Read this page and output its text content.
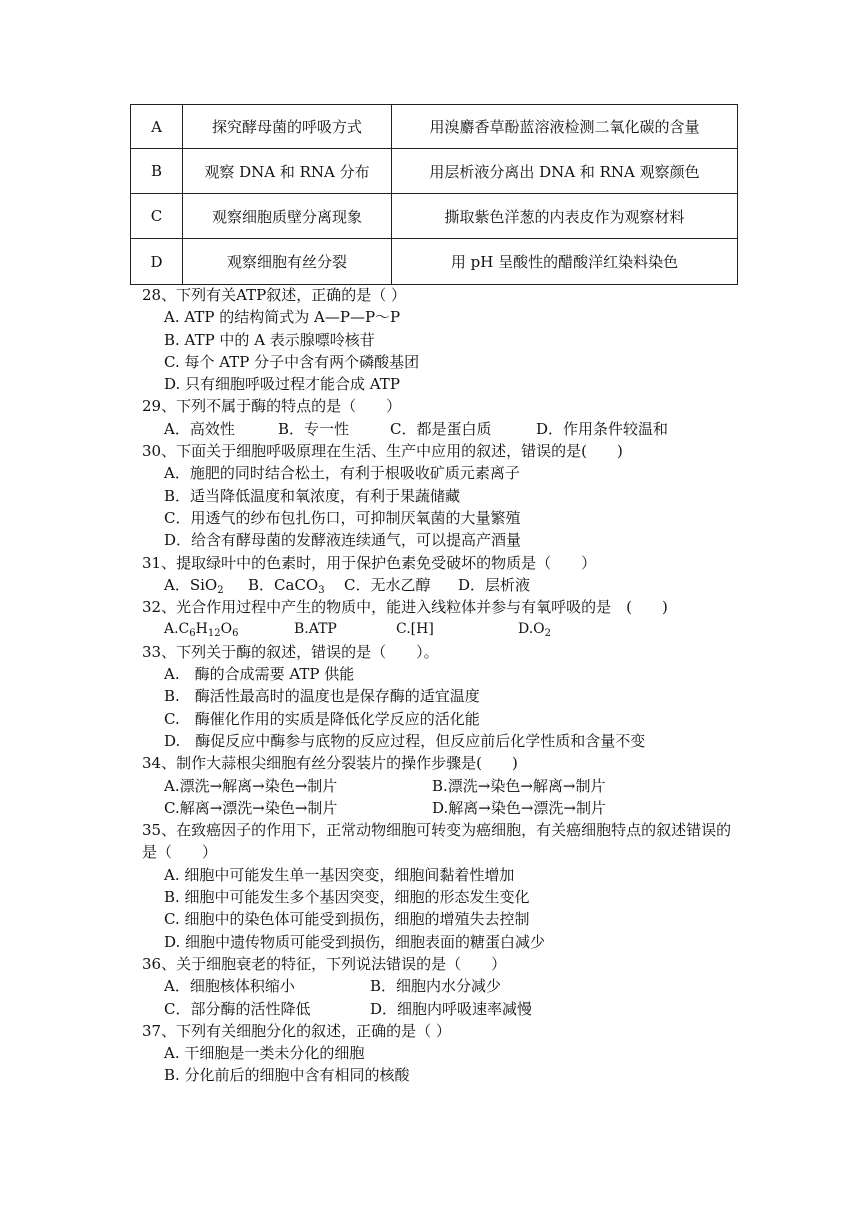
A	探究酵母菌的呼吸方式	用溴麝香草酚蓝溶液检测二氧化碳的含量
B	观察 DNA 和 RNA 分布	用层析液分离出 DNA 和 RNA 观察颜色
C	观察细胞质壁分离现象	撕取紫色洋葱的内表皮作为观察材料
D	观察细胞有丝分裂	用 pH 呈酸性的醋酸洋红染料染色
28、下列有关ATP叙述，正确的是（ ）
A. ATP 的结构简式为 A—P—P～P
B. ATP 中的 A 表示腺嘌呤核苷
C. 每个 ATP 分子中含有两个磷酸基团
D. 只有细胞呼吸过程才能合成 ATP
29、下列不属于酶的特点的是（　　）
A．高效性	B．专一性	C．都是蛋白质	D．作用条件较温和
30、下面关于细胞呼吸原理在生活、生产中应用的叙述，错误的是(　　)
A．施肥的同时结合松土，有利于根吸收矿质元素离子
B．适当降低温度和氧浓度，有利于果蔬储藏
C．用透气的纱布包扎伤口，可抑制厌氧菌的大量繁殖
D．给含有酵母菌的发酵液连续通气，可以提高产酒量
31、提取绿叶中的色素时，用于保护色素免受破坏的物质是（　　）
A．SiO$_2$	B．CaCO$_3$	C．无水乙醇	D．层析液
32、光合作用过程中产生的物质中，能进入线粒体并参与有氧呼吸的是　(　　)
$A.C_6H_{12}O_6$	B.ATP	C.[H]	$D.O_2$
33、下列关于酶的叙述，错误的是（　　）。
A.　酶的合成需要 ATP 供能
B.　酶活性最高时的温度也是保存酶的适宜温度
C.　酶催化作用的实质是降低化学反应的活化能
D.　酶促反应中酶参与底物的反应过程，但反应前后化学性质和含量不变
34、制作大蒜根尖细胞有丝分裂装片的操作步骤是(　　)
A.漂洗→解离→染色→制片	B.漂洗→染色→解离→制片
C.解离→漂洗→染色→制片	D.解离→染色→漂洗→制片
35、在致癌因子的作用下，正常动物细胞可转变为癌细胞，有关癌细胞特点的叙述错误的是（　　）
A. 细胞中可能发生单一基因突变，细胞间黏着性增加
B. 细胞中可能发生多个基因突变，细胞的形态发生变化
C. 细胞中的染色体可能受到损伤，细胞的增殖失去控制
D. 细胞中遗传物质可能受到损伤，细胞表面的糖蛋白减少
36、关于细胞衰老的特征，下列说法错误的是（　　）
A．细胞核体积缩小	B．细胞内水分减少
C．部分酶的活性降低	D．细胞内呼吸速率减慢
37、下列有关细胞分化的叙述，正确的是（ ）
A. 干细胞是一类未分化的细胞
B. 分化前后的细胞中含有相同的核酸
